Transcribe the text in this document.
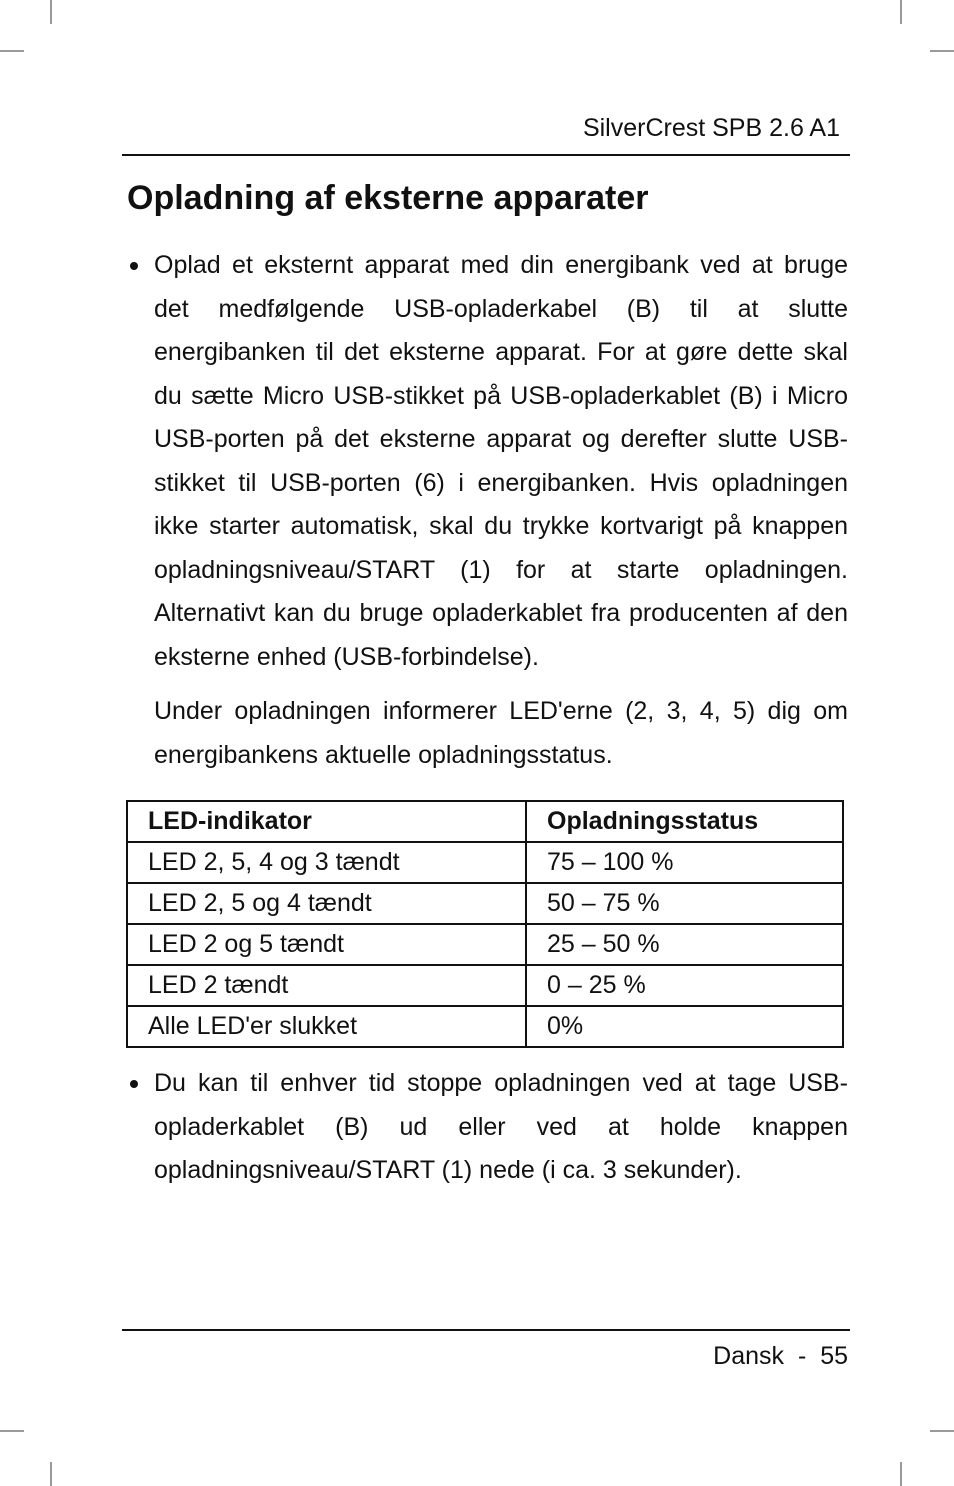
SilverCrest SPB 2.6 A1
Opladning af eksterne apparater

Oplad et eksternt apparat med din energibank ved at bruge det medfølgende USB-opladerkabel (B) til at slutte energibanken til det eksterne apparat. For at gøre dette skal du sætte Micro USB-stikket på USB-opladerkablet (B) i Micro USB-porten på det eksterne apparat og derefter slutte USB-stikket til USB-porten (6) i energibanken. Hvis opladningen ikke starter automatisk, skal du trykke kortvarigt på knappen opladningsniveau/START (1) for at starte opladningen. Alternativt kan du bruge opladerkablet fra producenten af den eksterne enhed (USB-forbindelse).

Under opladningen informerer LED'erne (2, 3, 4, 5) dig om energibankens aktuelle opladningsstatus.

LED-indikator	Opladningsstatus
LED 2, 5, 4 og 3 tændt	75 – 100 %
LED 2, 5 og 4 tændt	50 – 75 %
LED 2 og 5 tændt	25 – 50 %
LED 2 tændt	0 – 25 %
Alle LED'er slukket	0%

Du kan til enhver tid stoppe opladningen ved at tage USB-opladerkablet (B) ud eller ved at holde knappen opladningsniveau/START (1) nede (i ca. 3 sekunder).

Dansk - 55
